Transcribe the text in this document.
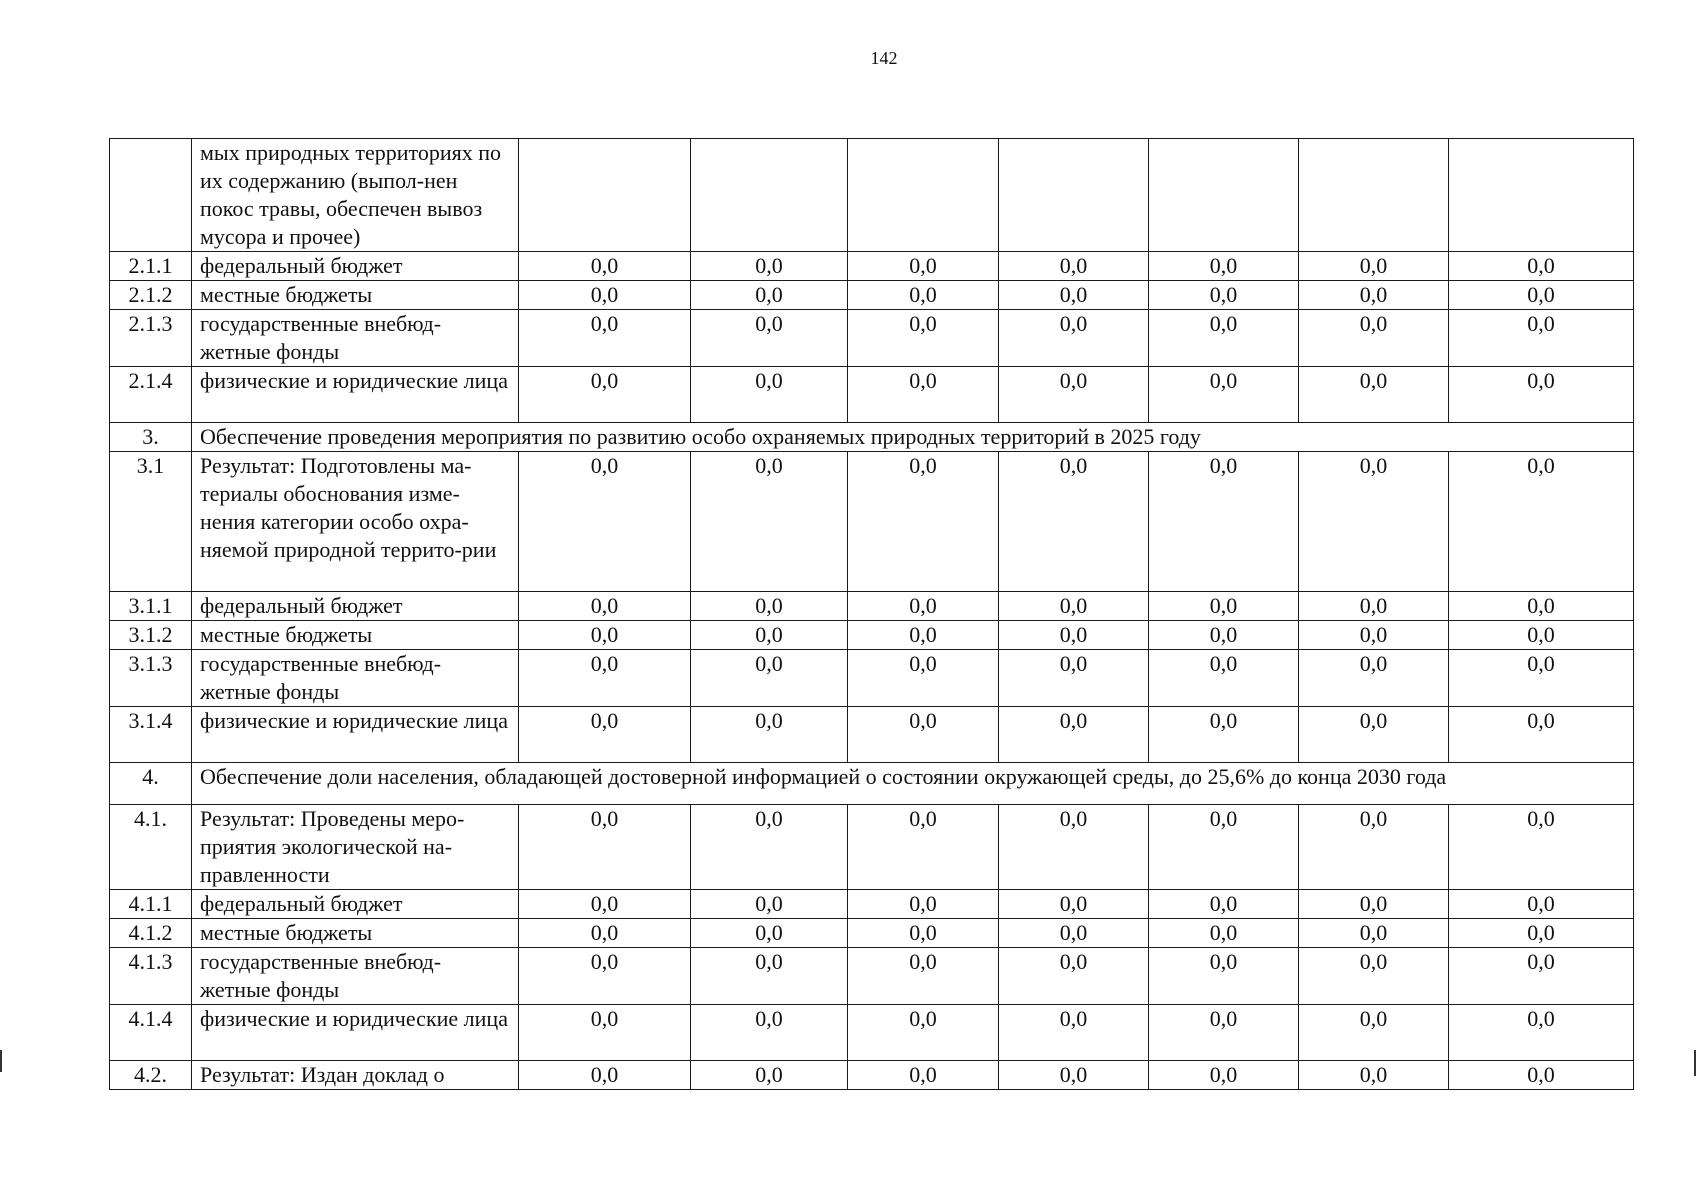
142
	мых природных территориях по их содержанию (выпол-нен покос травы, обеспечен вывоз мусора и прочее)							
2.1.1	федеральный бюджет	0,0	0,0	0,0	0,0	0,0	0,0	0,0
2.1.2	местные бюджеты	0,0	0,0	0,0	0,0	0,0	0,0	0,0
2.1.3	государственные внебюд-жетные фонды	0,0	0,0	0,0	0,0	0,0	0,0	0,0
2.1.4	физические и юридические лица	0,0	0,0	0,0	0,0	0,0	0,0	0,0
3.	Обеспечение проведения мероприятия по развитию особо охраняемых природных территорий в 2025 году							
3.1	Результат: Подготовлены ма-териалы обоснования изме-нения категории особо охра-няемой природной террито-рии	0,0	0,0	0,0	0,0	0,0	0,0	0,0
3.1.1	федеральный бюджет	0,0	0,0	0,0	0,0	0,0	0,0	0,0
3.1.2	местные бюджеты	0,0	0,0	0,0	0,0	0,0	0,0	0,0
3.1.3	государственные внебюд-жетные фонды	0,0	0,0	0,0	0,0	0,0	0,0	0,0
3.1.4	физические и юридические лица	0,0	0,0	0,0	0,0	0,0	0,0	0,0
4.	Обеспечение доли населения, обладающей достоверной информацией о состоянии окружающей среды, до 25,6% до конца 2030 года							
4.1.	Результат: Проведены меро-приятия экологической на-правленности	0,0	0,0	0,0	0,0	0,0	0,0	0,0
4.1.1	федеральный бюджет	0,0	0,0	0,0	0,0	0,0	0,0	0,0
4.1.2	местные бюджеты	0,0	0,0	0,0	0,0	0,0	0,0	0,0
4.1.3	государственные внебюд-жетные фонды	0,0	0,0	0,0	0,0	0,0	0,0	0,0
4.1.4	физические и юридические лица	0,0	0,0	0,0	0,0	0,0	0,0	0,0
4.2.	Результат: Издан доклад о	0,0	0,0	0,0	0,0	0,0	0,0	0,0
